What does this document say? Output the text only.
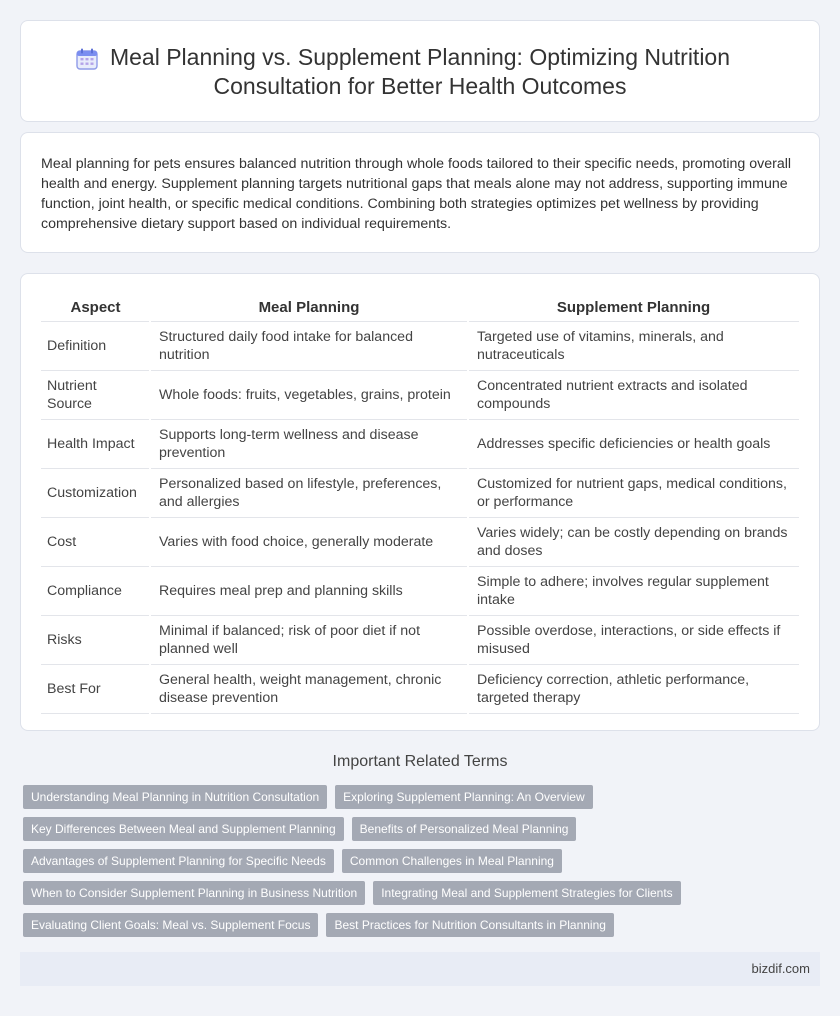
Meal Planning vs. Supplement Planning: Optimizing Nutrition Consultation for Better Health Outcomes

Meal planning for pets ensures balanced nutrition through whole foods tailored to their specific needs, promoting overall health and energy. Supplement planning targets nutritional gaps that meals alone may not address, supporting immune function, joint health, or specific medical conditions. Combining both strategies optimizes pet wellness by providing comprehensive dietary support based on individual requirements.

Aspect	Meal Planning	Supplement Planning
Definition	Structured daily food intake for balanced nutrition	Targeted use of vitamins, minerals, and nutraceuticals
Nutrient Source	Whole foods: fruits, vegetables, grains, protein	Concentrated nutrient extracts and isolated compounds
Health Impact	Supports long-term wellness and disease prevention	Addresses specific deficiencies or health goals
Customization	Personalized based on lifestyle, preferences, and allergies	Customized for nutrient gaps, medical conditions, or performance
Cost	Varies with food choice, generally moderate	Varies widely; can be costly depending on brands and doses
Compliance	Requires meal prep and planning skills	Simple to adhere; involves regular supplement intake
Risks	Minimal if balanced; risk of poor diet if not planned well	Possible overdose, interactions, or side effects if misused
Best For	General health, weight management, chronic disease prevention	Deficiency correction, athletic performance, targeted therapy
Important Related Terms
Understanding Meal Planning in Nutrition Consultation	Exploring Supplement Planning: An Overview
Key Differences Between Meal and Supplement Planning	Benefits of Personalized Meal Planning
Advantages of Supplement Planning for Specific Needs	Common Challenges in Meal Planning
When to Consider Supplement Planning in Business Nutrition	Integrating Meal and Supplement Strategies for Clients
Evaluating Client Goals: Meal vs. Supplement Focus	Best Practices for Nutrition Consultants in Planning
bizdif.com
